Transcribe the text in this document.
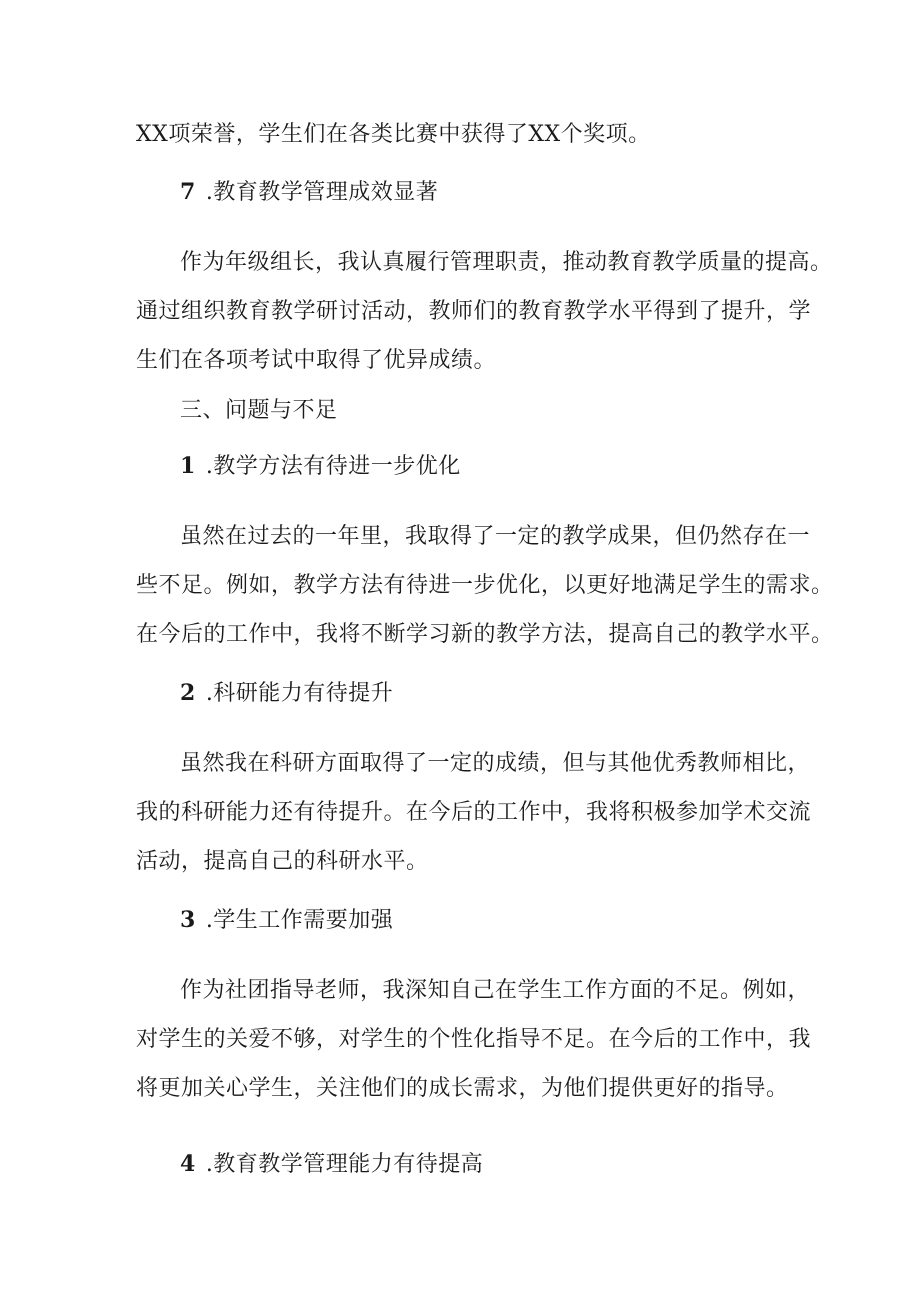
XX项荣誉，学生们在各类比赛中获得了XX个奖项。
7 .教育教学管理成效显著
作为年级组长，我认真履行管理职责，推动教育教学质量的提高。
通过组织教育教学研讨活动，教师们的教育教学水平得到了提升，学
生们在各项考试中取得了优异成绩。
三、问题与不足
1 .教学方法有待进一步优化
虽然在过去的一年里，我取得了一定的教学成果，但仍然存在一
些不足。例如，教学方法有待进一步优化，以更好地满足学生的需求。
在今后的工作中，我将不断学习新的教学方法，提高自己的教学水平。
2 .科研能力有待提升
虽然我在科研方面取得了一定的成绩，但与其他优秀教师相比，
我的科研能力还有待提升。在今后的工作中，我将积极参加学术交流
活动，提高自己的科研水平。
3 .学生工作需要加强
作为社团指导老师，我深知自己在学生工作方面的不足。例如，
对学生的关爱不够，对学生的个性化指导不足。在今后的工作中，我
将更加关心学生，关注他们的成长需求，为他们提供更好的指导。
4 .教育教学管理能力有待提高
